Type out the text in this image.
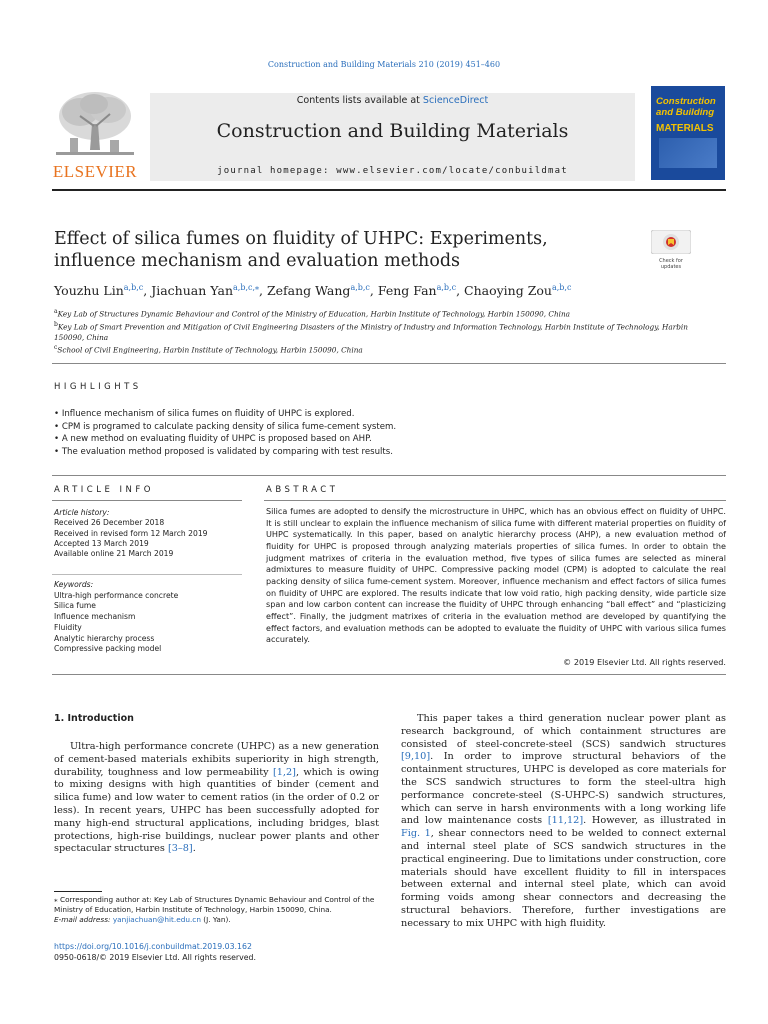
Construction and Building Materials 210 (2019) 451–460
ELSEVIER
Contents lists available at ScienceDirect
Construction and Building Materials
journal homepage: www.elsevier.com/locate/conbuildmat
Construction and Building
MATERIALS
Effect of silica fumes on fluidity of UHPC: Experiments, influence mechanism and evaluation methods	Check for
updates
Youzhu Lin$^{a,b,c}$, Jiachuan Yan$^{a,b,c,⁎}$, Zefang Wang$^{a,b,c}$, Feng Fan$^{a,b,c}$, Chaoying Zou$^{a,b,c}$
$^a$Key Lab of Structures Dynamic Behaviour and Control of the Ministry of Education, Harbin Institute of Technology, Harbin 150090, China
$^b$Key Lab of Smart Prevention and Mitigation of Civil Engineering Disasters of the Ministry of Industry and Information Technology, Harbin Institute of Technology, Harbin 150090, China
$^c$School of Civil Engineering, Harbin Institute of Technology, Harbin 150090, China
HIGHLIGHTS
• Influence mechanism of silica fumes on fluidity of UHPC is explored.
• CPM is programed to calculate packing density of silica fume-cement system.
• A new method on evaluating fluidity of UHPC is proposed based on AHP.
• The evaluation method proposed is validated by comparing with test results.
ARTICLE INFO	ABSTRACT
Article history:
Received 26 December 2018
Received in revised form 12 March 2019
Accepted 13 March 2019
Available online 21 March 2019
Keywords:
Ultra-high performance concrete
Silica fume
Influence mechanism
Fluidity
Analytic hierarchy process
Compressive packing model
Silica fumes are adopted to densify the microstructure in UHPC, which has an obvious effect on fluidity of UHPC. It is still unclear to explain the influence mechanism of silica fume with different material properties on fluidity of UHPC systematically. In this paper, based on analytic hierarchy process (AHP), a new evaluation method of fluidity for UHPC is proposed through analyzing materials properties of silica fumes. In order to obtain the judgment matrixes of criteria in the evaluation method, five types of silica fumes are selected as mineral admixtures to measure fluidity of UHPC. Compressive packing model (CPM) is adopted to calculate the real packing density of silica fume-cement system. Moreover, influence mechanism and effect factors of silica fumes on fluidity of UHPC are explored. The results indicate that low void ratio, high packing density, wide particle size span and low carbon content can increase the fluidity of UHPC through enhancing “ball effect” and “plasticizing effect”. Finally, the judgment matrixes of criteria in the evaluation method are developed by quantifying the effect factors, and evaluation methods can be adopted to evaluate the fluidity of UHPC with various silica fumes accurately.
© 2019 Elsevier Ltd. All rights reserved.
1. Introduction
Ultra-high performance concrete (UHPC) as a new generation of cement-based materials exhibits superiority in high strength, durability, toughness and low permeability [1,2], which is owing to mixing designs with high quantities of binder (cement and silica fume) and low water to cement ratios (in the order of 0.2 or less). In recent years, UHPC has been successfully adopted for many high-end structural applications, including bridges, blast protections, high-rise buildings, nuclear power plants and other spectacular structures [3–8].
This paper takes a third generation nuclear power plant as research background, of which containment structures are consisted of steel-concrete-steel (SCS) sandwich structures [9,10]. In order to improve structural behaviors of the containment structures, UHPC is developed as core materials for the SCS sandwich structures to form the steel-ultra high performance concrete-steel (S-UHPC-S) sandwich structures, which can serve in harsh environments with a long working life and low maintenance costs [11,12]. However, as illustrated in Fig. 1, shear connectors need to be welded to connect external and internal steel plate of SCS sandwich structures in the practical engineering. Due to limitations under construction, core materials should have excellent fluidity to fill in interspaces between external and internal steel plate, which can avoid forming voids among shear connectors and decreasing the structural behaviors. Therefore, further investigations are necessary to mix UHPC with high fluidity.
⁎ Corresponding author at: Key Lab of Structures Dynamic Behaviour and Control of the Ministry of Education, Harbin Institute of Technology, Harbin 150090, China.
E-mail address: yanjiachuan@hit.edu.cn (J. Yan).
https://doi.org/10.1016/j.conbuildmat.2019.03.162
0950-0618/© 2019 Elsevier Ltd. All rights reserved.
